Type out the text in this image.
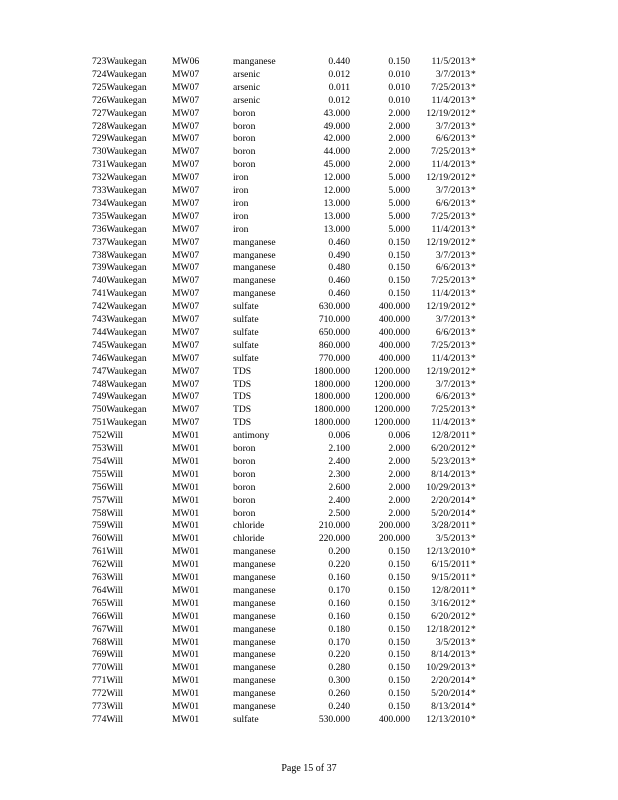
723Waukegan	MW06	manganese	0.440	0.150 11/5/2013 *
724Waukegan	MW07	arsenic	0.012	0.010	3/7/2013 *
725Waukegan	MW07	arsenic	0.011	0.010 7/25/2013 *
726Waukegan	MW07	arsenic	0.012	0.010 11/4/2013 *
727Waukegan	MW07	boron	43.000	2.000 12/19/2012 *
728Waukegan	MW07	boron	49.000	2.000	3/7/2013 *
729Waukegan	MW07	boron	42.000	2.000	6/6/2013 *
730Waukegan	MW07	boron	44.000	2.000 7/25/2013 *
731Waukegan	MW07	boron	45.000	2.000 11/4/2013 *
732Waukegan	MW07	iron	12.000	5.000 12/19/2012 *
733Waukegan	MW07	iron	12.000	5.000	3/7/2013 *
734Waukegan	MW07	iron	13.000	5.000	6/6/2013 *
735Waukegan	MW07	iron	13.000	5.000 7/25/2013 *
736Waukegan	MW07	iron	13.000	5.000 11/4/2013 *
737Waukegan	MW07	manganese	0.460	0.150 12/19/2012 *
738Waukegan	MW07	manganese	0.490	0.150	3/7/2013 *
739Waukegan	MW07	manganese	0.480	0.150	6/6/2013 *
740Waukegan	MW07	manganese	0.460	0.150 7/25/2013 *
741Waukegan	MW07	manganese	0.460	0.150 11/4/2013 *
742Waukegan	MW07	sulfate	630.000	400.000 12/19/2012 *
743Waukegan	MW07	sulfate	710.000	400.000	3/7/2013 *
744Waukegan	MW07	sulfate	650.000	400.000	6/6/2013 *
745Waukegan	MW07	sulfate	860.000	400.000 7/25/2013 *
746Waukegan	MW07	sulfate	770.000	400.000 11/4/2013 *
747Waukegan	MW07	TDS	1800.000	1200.000 12/19/2012 *
748Waukegan	MW07	TDS	1800.000	1200.000	3/7/2013 *
749Waukegan	MW07	TDS	1800.000	1200.000	6/6/2013 *
750Waukegan	MW07	TDS	1800.000	1200.000 7/25/2013 *
751Waukegan	MW07	TDS	1800.000	1200.000 11/4/2013 *
752Will	MW01	antimony	0.006	0.006 12/8/2011 *
753Will	MW01	boron	2.100	2.000 6/20/2012 *
754Will	MW01	boron	2.400	2.000 5/23/2013 *
755Will	MW01	boron	2.300	2.000 8/14/2013 *
756Will	MW01	boron	2.600	2.000 10/29/2013 *
757Will	MW01	boron	2.400	2.000 2/20/2014 *
758Will	MW01	boron	2.500	2.000 5/20/2014 *
759Will	MW01	chloride	210.000	200.000 3/28/2011 *
760Will	MW01	chloride	220.000	200.000	3/5/2013 *
761Will	MW01	manganese	0.200	0.150 12/13/2010 *
762Will	MW01	manganese	0.220	0.150 6/15/2011 *
763Will	MW01	manganese	0.160	0.150 9/15/2011 *
764Will	MW01	manganese	0.170	0.150 12/8/2011 *
765Will	MW01	manganese	0.160	0.150 3/16/2012 *
766Will	MW01	manganese	0.160	0.150 6/20/2012 *
767Will	MW01	manganese	0.180	0.150 12/18/2012 *
768Will	MW01	manganese	0.170	0.150	3/5/2013 *
769Will	MW01	manganese	0.220	0.150 8/14/2013 *
770Will	MW01	manganese	0.280	0.150 10/29/2013 *
771Will	MW01	manganese	0.300	0.150 2/20/2014 *
772Will	MW01	manganese	0.260	0.150 5/20/2014 *
773Will	MW01	manganese	0.240	0.150 8/13/2014 *
774Will	MW01	sulfate	530.000	400.000 12/13/2010 *
Page 15 of 37
